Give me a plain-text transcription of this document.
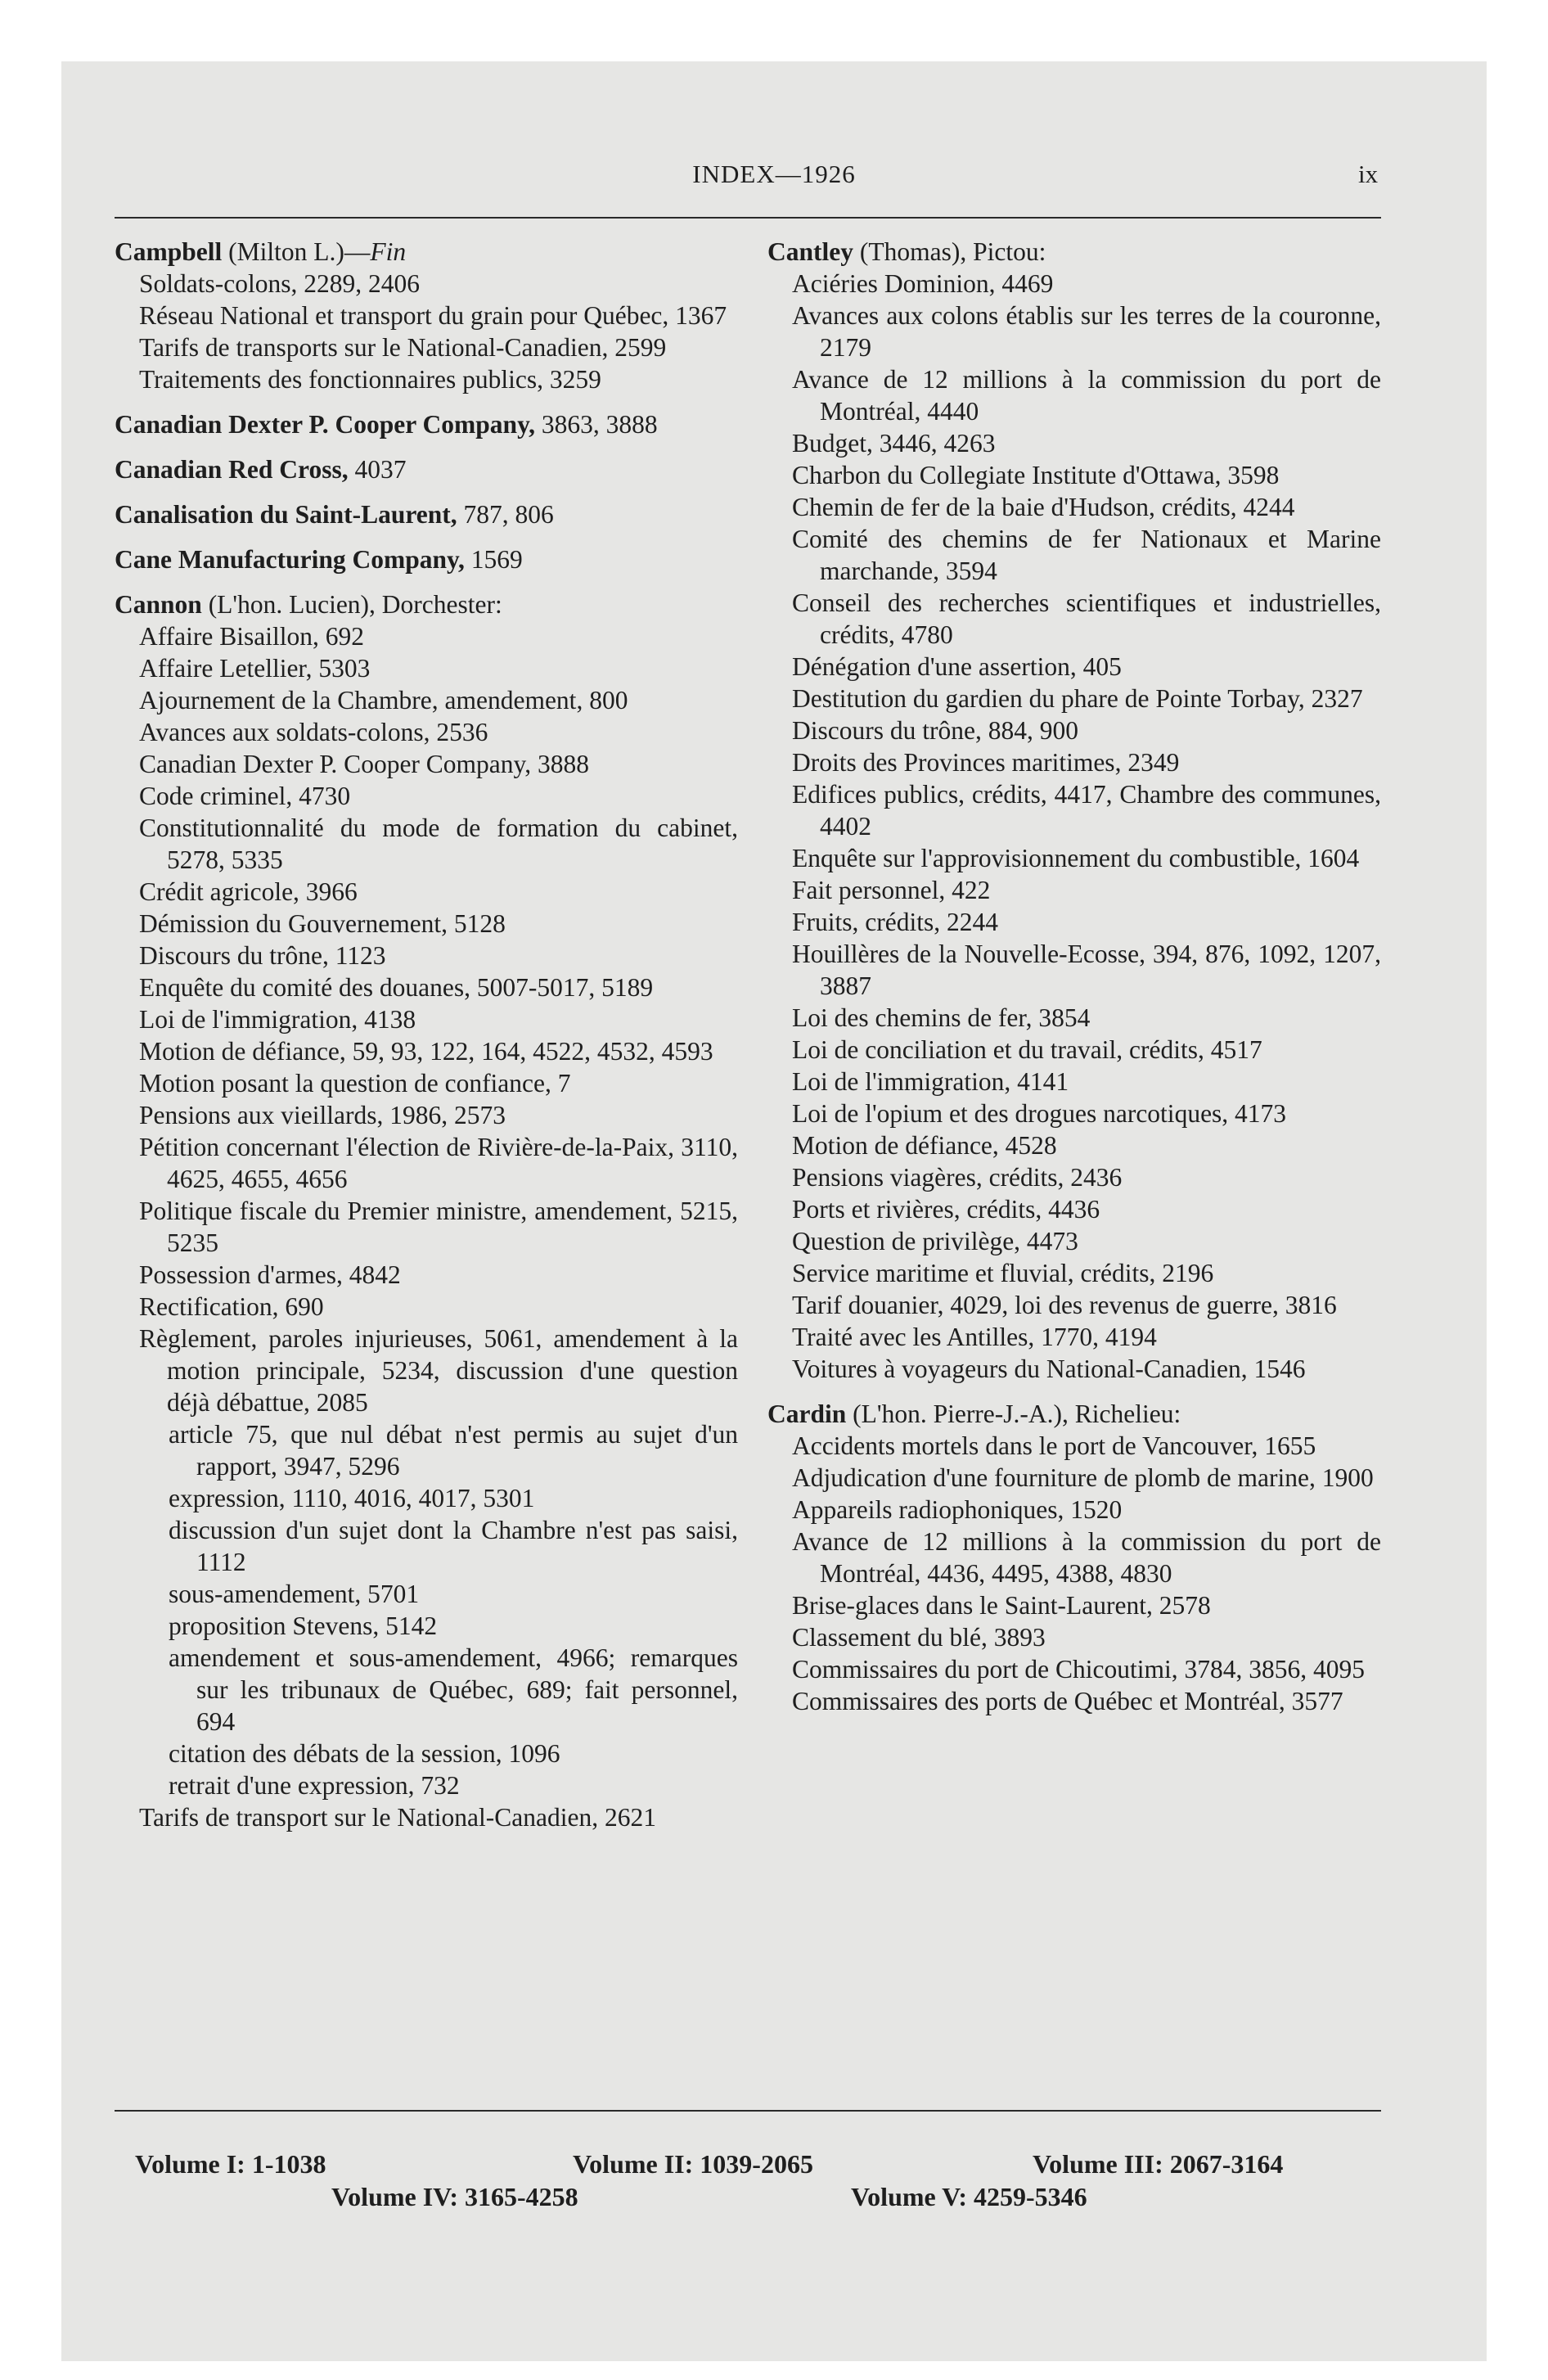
INDEX—1926	ix
Campbell (Milton L.)—Fin
Soldats-colons, 2289, 2406
Réseau National et transport du grain pour Québec, 1367
Tarifs de transports sur le National-Canadien, 2599
Traitements des fonctionnaires publics, 3259
Canadian Dexter P. Cooper Company, 3863, 3888
Canadian Red Cross, 4037
Canalisation du Saint-Laurent, 787, 806
Cane Manufacturing Company, 1569
Cannon (L'hon. Lucien), Dorchester:
Affaire Bisaillon, 692
Affaire Letellier, 5303
Ajournement de la Chambre, amendement, 800
Avances aux soldats-colons, 2536
Canadian Dexter P. Cooper Company, 3888
Code criminel, 4730
Constitutionnalité du mode de formation du cabinet, 5278, 5335
Crédit agricole, 3966
Démission du Gouvernement, 5128
Discours du trône, 1123
Enquête du comité des douanes, 5007-5017, 5189
Loi de l'immigration, 4138
Motion de défiance, 59, 93, 122, 164, 4522, 4532, 4593
Motion posant la question de confiance, 7
Pensions aux vieillards, 1986, 2573
Pétition concernant l'élection de Rivière-de-la-Paix, 3110, 4625, 4655, 4656
Politique fiscale du Premier ministre, amendement, 5215, 5235
Possession d'armes, 4842
Rectification, 690
Règlement, paroles injurieuses, 5061, amendement à la motion principale, 5234, discussion d'une question déjà débattue, 2085
article 75, que nul débat n'est permis au sujet d'un rapport, 3947, 5296
expression, 1110, 4016, 4017, 5301
discussion d'un sujet dont la Chambre n'est pas saisi, 1112
sous-amendement, 5701
proposition Stevens, 5142
amendement et sous-amendement, 4966; remarques sur les tribunaux de Québec, 689; fait personnel, 694
citation des débats de la session, 1096
retrait d'une expression, 732
Tarifs de transport sur le National-Canadien, 2621
Cantley (Thomas), Pictou:
Aciéries Dominion, 4469
Avances aux colons établis sur les terres de la couronne, 2179
Avance de 12 millions à la commission du port de Montréal, 4440
Budget, 3446, 4263
Charbon du Collegiate Institute d'Ottawa, 3598
Chemin de fer de la baie d'Hudson, crédits, 4244
Comité des chemins de fer Nationaux et Marine marchande, 3594
Conseil des recherches scientifiques et industrielles, crédits, 4780
Dénégation d'une assertion, 405
Destitution du gardien du phare de Pointe Torbay, 2327
Discours du trône, 884, 900
Droits des Provinces maritimes, 2349
Edifices publics, crédits, 4417, Chambre des communes, 4402
Enquête sur l'approvisionnement du combustible, 1604
Fait personnel, 422
Fruits, crédits, 2244
Houillères de la Nouvelle-Ecosse, 394, 876, 1092, 1207, 3887
Loi des chemins de fer, 3854
Loi de conciliation et du travail, crédits, 4517
Loi de l'immigration, 4141
Loi de l'opium et des drogues narcotiques, 4173
Motion de défiance, 4528
Pensions viagères, crédits, 2436
Ports et rivières, crédits, 4436
Question de privilège, 4473
Service maritime et fluvial, crédits, 2196
Tarif douanier, 4029, loi des revenus de guerre, 3816
Traité avec les Antilles, 1770, 4194
Voitures à voyageurs du National-Canadien, 1546
Cardin (L'hon. Pierre-J.-A.), Richelieu:
Accidents mortels dans le port de Vancouver, 1655
Adjudication d'une fourniture de plomb de marine, 1900
Appareils radiophoniques, 1520
Avance de 12 millions à la commission du port de Montréal, 4436, 4495, 4388, 4830
Brise-glaces dans le Saint-Laurent, 2578
Classement du blé, 3893
Commissaires du port de Chicoutimi, 3784, 3856, 4095
Commissaires des ports de Québec et Montréal, 3577
Volume I: 1-1038	Volume II: 1039-2065	Volume III: 2067-3164
Volume IV: 3165-4258	Volume V: 4259-5346
